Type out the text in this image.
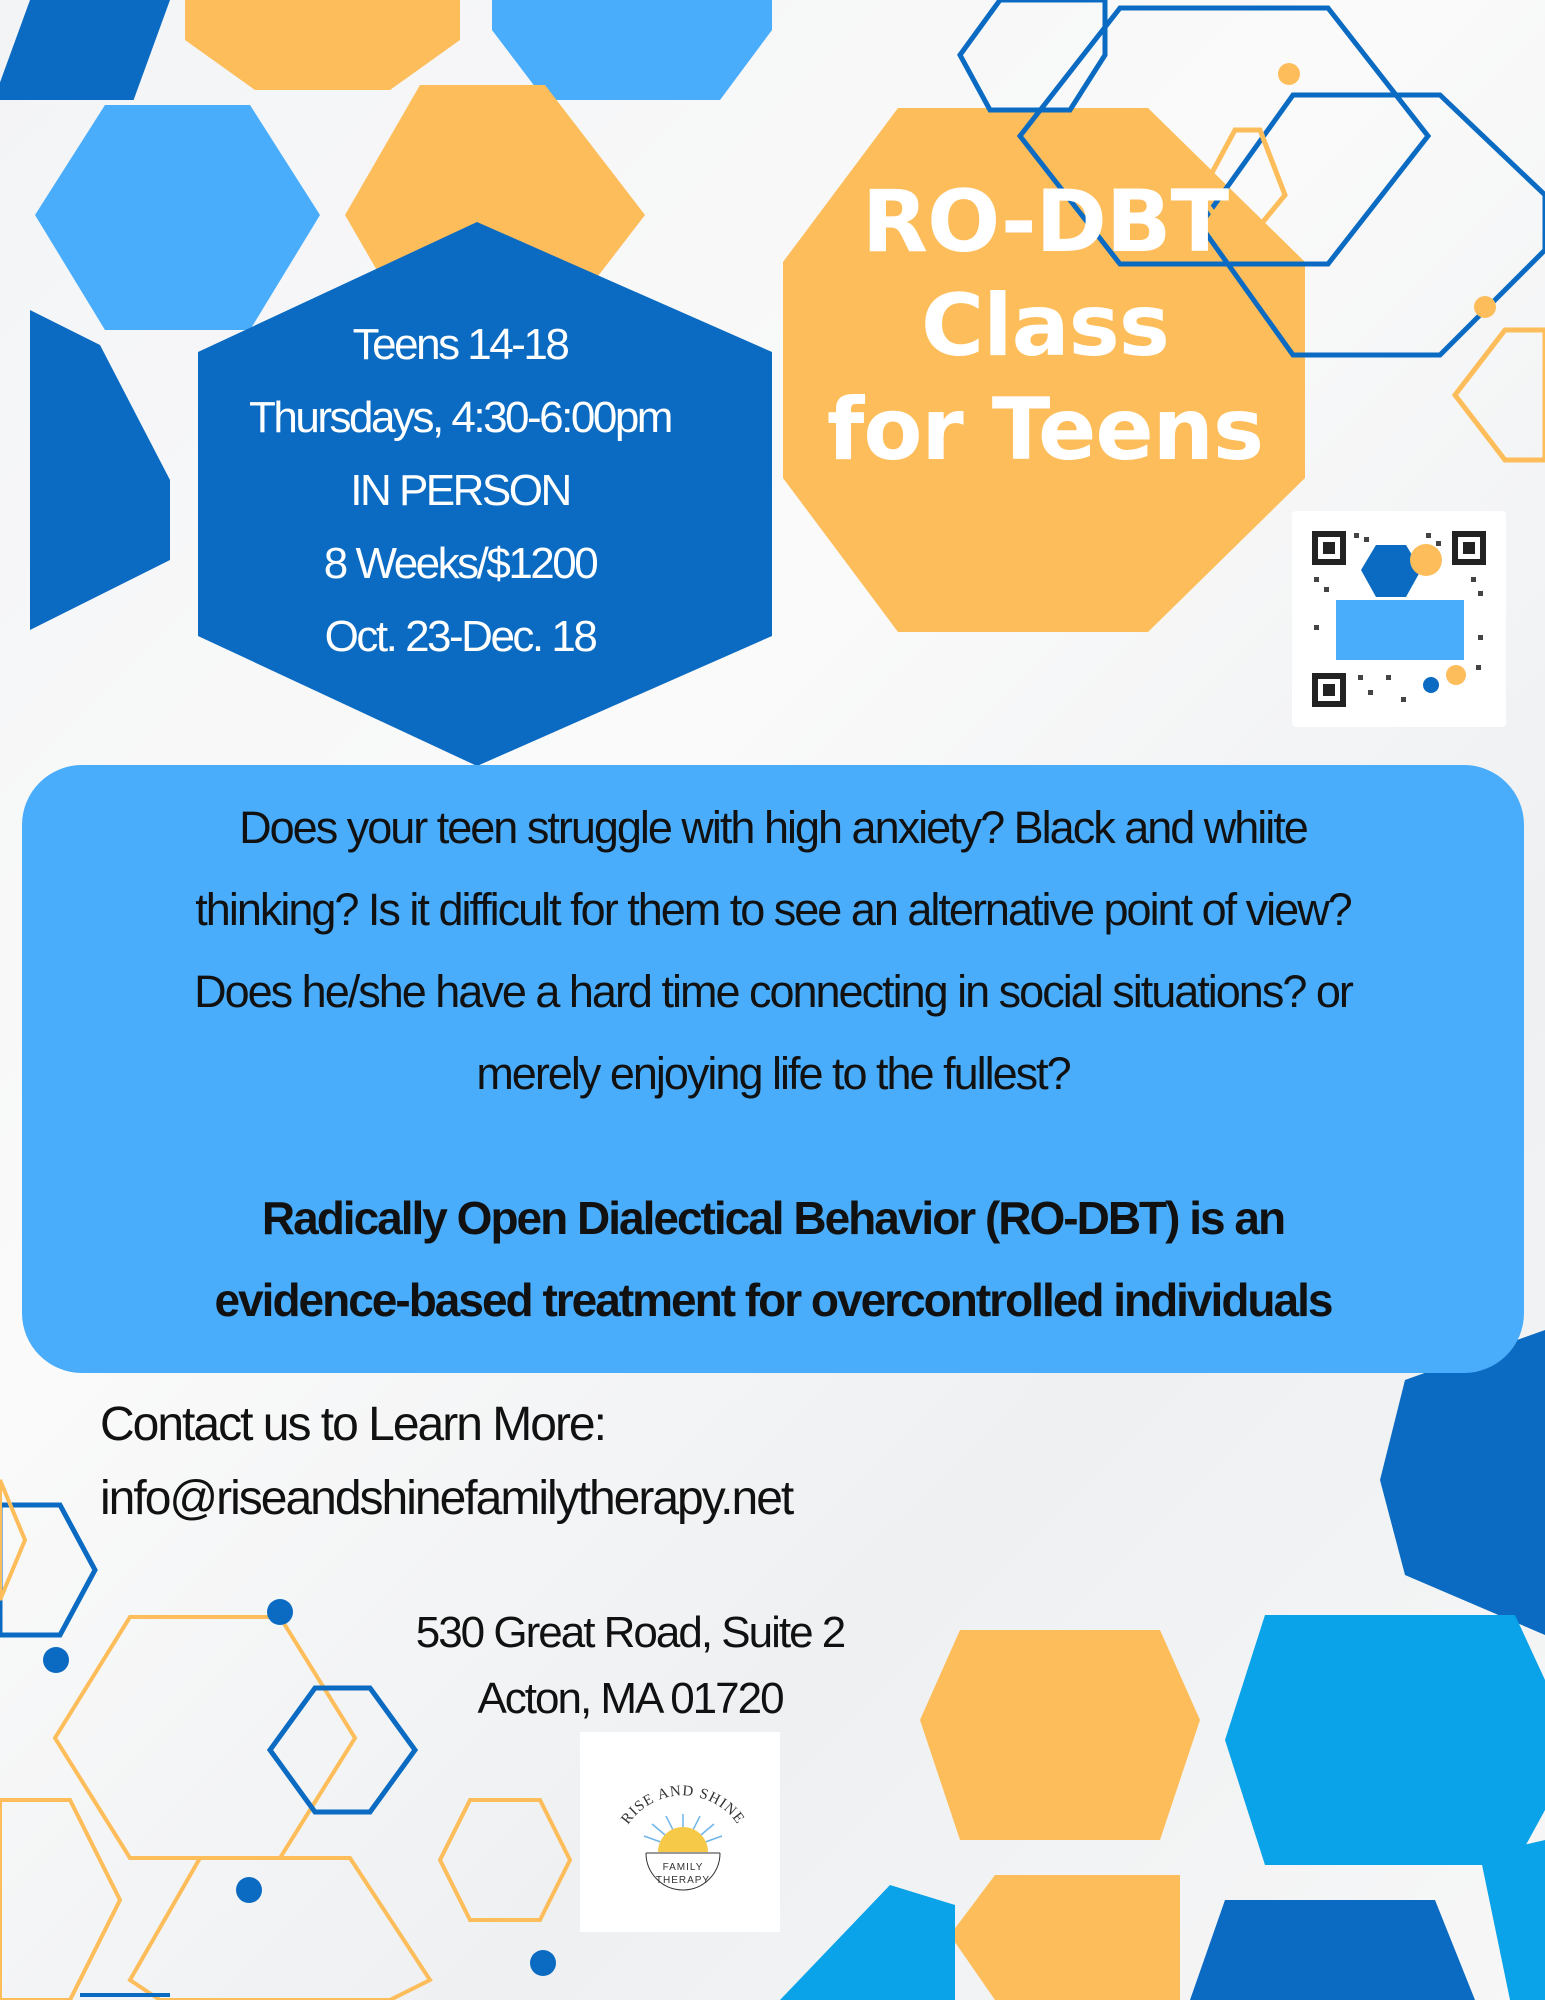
Teens 14-18
Thursdays, 4:30-6:00pm
IN PERSON
8 Weeks/$1200
Oct. 23-Dec. 18
RO-DBT
Class
for Teens
Does your teen struggle with high anxiety? Black and whiite
thinking? Is it difficult for them to see an alternative point of view?
Does he/she have a hard time connecting in social situations? or
merely enjoying life to the fullest?
Radically Open Dialectical Behavior (RO-DBT) is an
evidence-based treatment for overcontrolled individuals
Contact us to Learn More:
info@riseandshinefamilytherapy.net
530 Great Road, Suite 2
Acton, MA 01720
RISE AND SHINE
FAMILY
THERAPY
